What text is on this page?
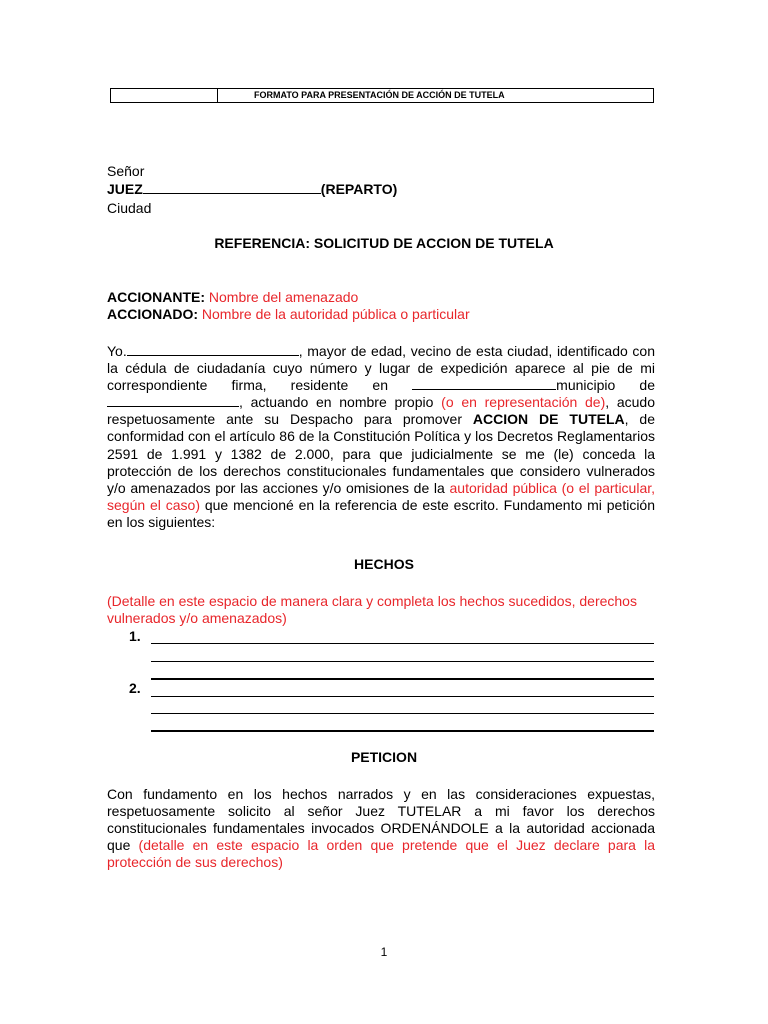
FORMATO PARA PRESENTACIÓN DE ACCIÓN DE TUTELA
Señor
JUEZ	(REPARTO)
Ciudad
REFERENCIA: SOLICITUD DE ACCION DE TUTELA
ACCIONANTE: Nombre del amenazado
ACCIONADO: Nombre de la autoridad pública o particular
Yo.	, mayor de edad, vecino de esta ciudad, identificado con la cédula de ciudadanía cuyo número y lugar de expedición aparece al pie de mi correspondiente firma, residente en	municipio de , actuando en nombre propio (o en representación de), acudo respetuosamente ante su Despacho para promover ACCION DE TUTELA, de conformidad con el artículo 86 de la Constitución Política y los Decretos Reglamentarios 2591 de 1.991 y 1382 de 2.000, para que judicialmente se me (le) conceda la protección de los derechos constitucionales fundamentales que considero vulnerados y/o amenazados por las acciones y/o omisiones de la autoridad pública (o el particular, según el caso) que mencioné en la referencia de este escrito. Fundamento mi petición en los siguientes:
HECHOS
(Detalle en este espacio de manera clara y completa los hechos sucedidos, derechos vulnerados y/o amenazados)
1.
2.
PETICION
Con fundamento en los hechos narrados y en las consideraciones expuestas, respetuosamente solicito al señor Juez TUTELAR a mi favor los derechos constitucionales fundamentales invocados ORDENÁNDOLE a la autoridad accionada que (detalle en este espacio la orden que pretende que el Juez declare para la protección de sus derechos)
1
